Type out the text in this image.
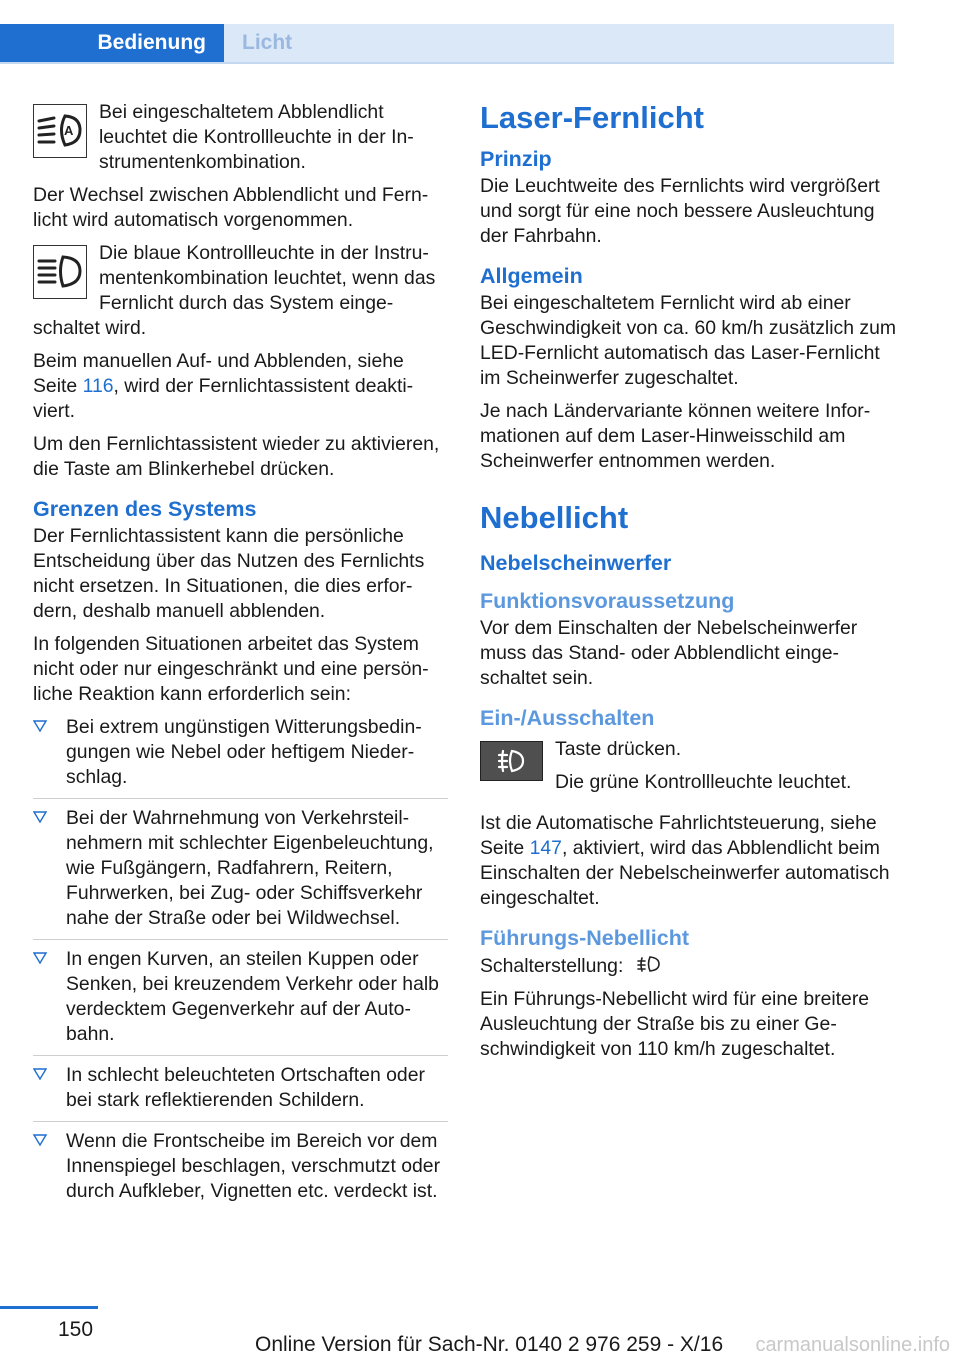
Bedienung	Licht
A

Bei eingeschaltetem Abblendlicht leuchtet die Kontrollleuchte in der Instrumentenkombination.

Der Wechsel zwischen Abblendlicht und Fernlicht wird automatisch vorgenommen.

Die blaue Kontrollleuchte in der Instrumentenkombination leuchtet, wenn das Fernlicht durch das System eingeschaltet wird.

Beim manuellen Auf- und Abblenden, siehe Seite 116, wird der Fernlichtassistent deaktiviert.

Um den Fernlichtassistent wieder zu aktivieren, die Taste am Blinkerhebel drücken.

Grenzen des Systems

Der Fernlichtassistent kann die persönliche Entscheidung über das Nutzen des Fernlichts nicht ersetzen. In Situationen, die dies erfordern, deshalb manuell abblenden.

In folgenden Situationen arbeitet das System nicht oder nur eingeschränkt und eine persönliche Reaktion kann erforderlich sein:

Bei extrem ungünstigen Witterungsbedingungen wie Nebel oder heftigem Niederschlag.
Bei der Wahrnehmung von Verkehrsteilnehmern mit schlechter Eigenbeleuchtung, wie Fußgängern, Radfahrern, Reitern, Fuhrwerken, bei Zug- oder Schiffsverkehr nahe der Straße oder bei Wildwechsel.
In engen Kurven, an steilen Kuppen oder Senken, bei kreuzendem Verkehr oder halb verdecktem Gegenverkehr auf der Autobahn.
In schlecht beleuchteten Ortschaften oder bei stark reflektierenden Schildern.
Wenn die Frontscheibe im Bereich vor dem Innenspiegel beschlagen, verschmutzt oder durch Aufkleber, Vignetten etc. verdeckt ist.
Laser-Fernlicht
Prinzip

Die Leuchtweite des Fernlichts wird vergrößert und sorgt für eine noch bessere Ausleuchtung der Fahrbahn.

Allgemein

Bei eingeschaltetem Fernlicht wird ab einer Geschwindigkeit von ca. 60 km/h zusätzlich zum LED-Fernlicht automatisch das Laser-Fernlicht im Scheinwerfer zugeschaltet.

Je nach Ländervariante können weitere Informationen auf dem Laser-Hinweisschild am Scheinwerfer entnommen werden.

Nebellicht
Nebelscheinwerfer
Funktionsvoraussetzung

Vor dem Einschalten der Nebelscheinwerfer muss das Stand- oder Abblendlicht eingeschaltet sein.

Ein-/Ausschalten

Taste drücken.

Die grüne Kontrollleuchte leuchtet.

Ist die Automatische Fahrlichtsteuerung, siehe Seite 147, aktiviert, wird das Abblendlicht beim Einschalten der Nebelscheinwerfer automatisch eingeschaltet.

Führungs-Nebellicht

Schalterstellung:

Ein Führungs-Nebellicht wird für eine breitere Ausleuchtung der Straße bis zu einer Geschwindigkeit von 110 km/h zugeschaltet.

150
Online Version für Sach-Nr. 0140 2 976 259 - X/16 carmanualsonline.info
